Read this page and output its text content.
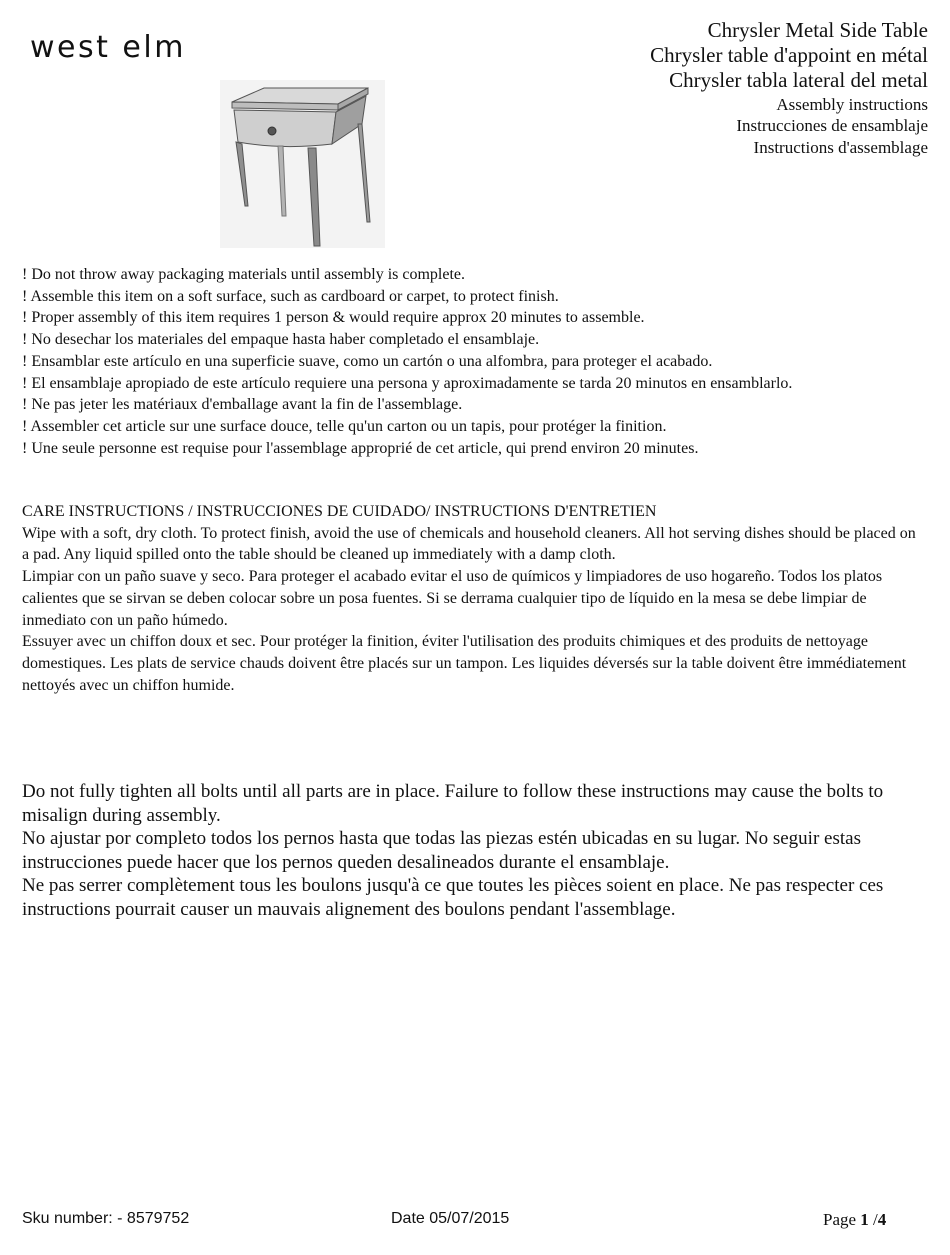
west elm	Chrysler Metal Side Table
Chrysler table d'appoint en métal
Chrysler tabla lateral del metal
Assembly instructions
Instrucciones de ensamblaje
Instructions d'assemblage
! Do not throw away packaging materials until assembly is complete.
! Assemble this item on a soft surface, such as cardboard or carpet, to protect finish.
! Proper assembly of this item requires 1 person & would require approx 20 minutes to assemble.
! No desechar los materiales del empaque hasta haber completado el ensamblaje.
! Ensamblar este artículo en una superficie suave, como un cartón o una alfombra, para proteger el acabado.
! El ensamblaje apropiado de este artículo requiere una persona y aproximadamente se tarda 20 minutos en ensamblarlo.
! Ne pas jeter les matériaux d'emballage avant la fin de l'assemblage.
! Assembler cet article sur une surface douce, telle qu'un carton ou un tapis, pour protéger la finition.
! Une seule personne est requise pour l'assemblage approprié de cet article, qui prend environ 20 minutes.
CARE INSTRUCTIONS / INSTRUCCIONES DE CUIDADO/ INSTRUCTIONS D'ENTRETIEN
Wipe with a soft, dry cloth. To protect finish, avoid the use of chemicals and household cleaners. All hot serving dishes should be placed on a pad. Any liquid spilled onto the table should be cleaned up immediately with a damp cloth.
Limpiar con un paño suave y seco. Para proteger el acabado evitar el uso de químicos y limpiadores de uso hogareño. Todos los platos calientes que se sirvan se deben colocar sobre un posa fuentes. Si se derrama cualquier tipo de líquido en la mesa se debe limpiar de inmediato con un paño húmedo.
Essuyer avec un chiffon doux et sec. Pour protéger la finition, éviter l'utilisation des produits chimiques et des produits de nettoyage domestiques. Les plats de service chauds doivent être placés sur un tampon. Les liquides déversés sur la table doivent être immédiatement nettoyés avec un chiffon humide.
Do not fully tighten all bolts until all parts are in place. Failure to follow these instructions may cause the bolts to misalign during assembly.
No ajustar por completo todos los pernos hasta que todas las piezas estén ubicadas en su lugar. No seguir estas instrucciones puede hacer que los pernos queden desalineados durante el ensamblaje.
Ne pas serrer complètement tous les boulons jusqu'à ce que toutes les pièces soient en place. Ne pas respecter ces instructions pourrait causer un mauvais alignement des boulons pendant l'assemblage.
Sku number: - 8579752	Date 05/07/2015	Page 1 /4
